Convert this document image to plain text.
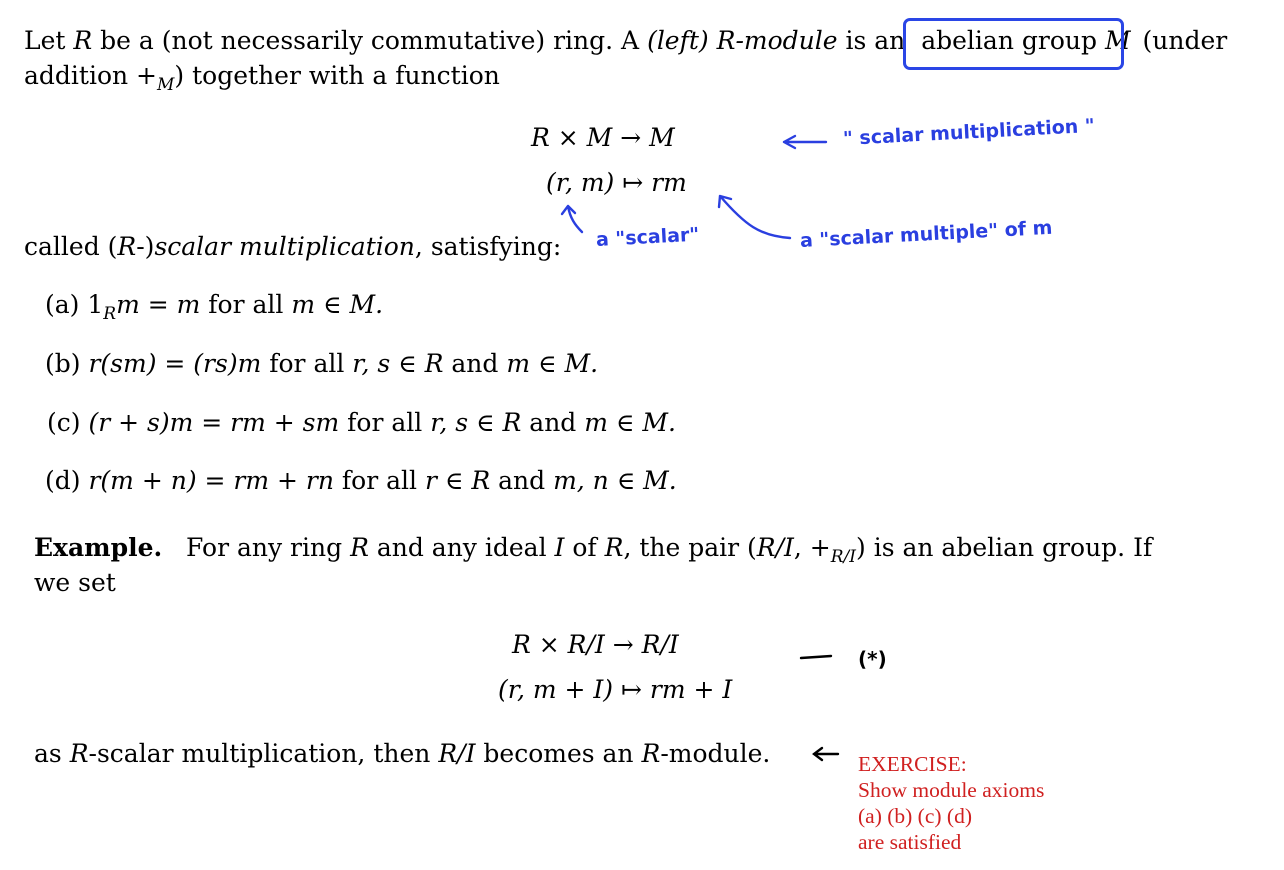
Let R be a (not necessarily commutative) ring. A (left) R-module is an abelian group M (under
addition $+_M$) together with a function
R × M → M
(r, m) ↦ rm
" scalar multiplication "
a "scalar"	a "scalar multiple" of m
called (R-)scalar multiplication, satisfying:
(a) $1_Rm = m$ for all m ∈ M.
(b) r(sm) = (rs)m for all r, s ∈ R and m ∈ M.
(c) (r + s)m = rm + sm for all r, s ∈ R and m ∈ M.
(d) r(m + n) = rm + rn for all r ∈ R and m, n ∈ M.
Example. For any ring R and any ideal I of R, the pair (R/I, $+_{R/I}$) is an abelian group. If
we set
R × R/I → R/I
(r, m + I) ↦ rm + I
(*)
as R-scalar multiplication, then R/I becomes an R-module.	EXERCISE:
Show module axioms
(a) (b) (c) (d)
are satisfied
